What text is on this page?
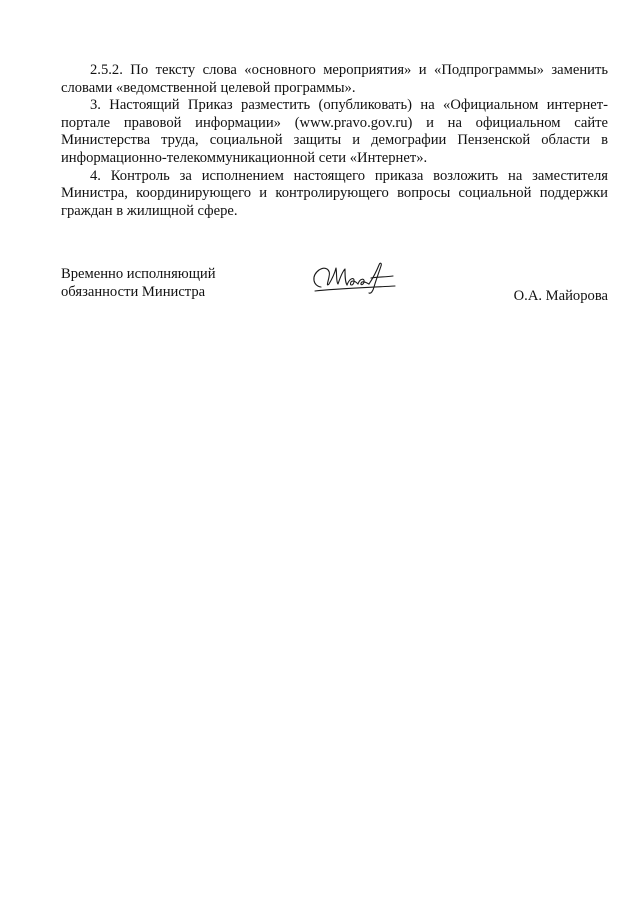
2.5.2. По тексту слова «основного мероприятия» и «Подпрограммы» заменить словами «ведомственной целевой программы».

3. Настоящий Приказ разместить (опубликовать) на «Официальном интернет-портале правовой информации» (www.pravo.gov.ru) и на официальном сайте Министерства труда, социальной защиты и демографии Пензенской области в информационно-телекоммуникационной сети «Интернет».

4. Контроль за исполнением настоящего приказа возложить на заместителя Министра, координирующего и контролирующего вопросы социальной поддержки граждан в жилищной сфере.

Временно исполняющий
обязанности Министра	О.А. Майорова
